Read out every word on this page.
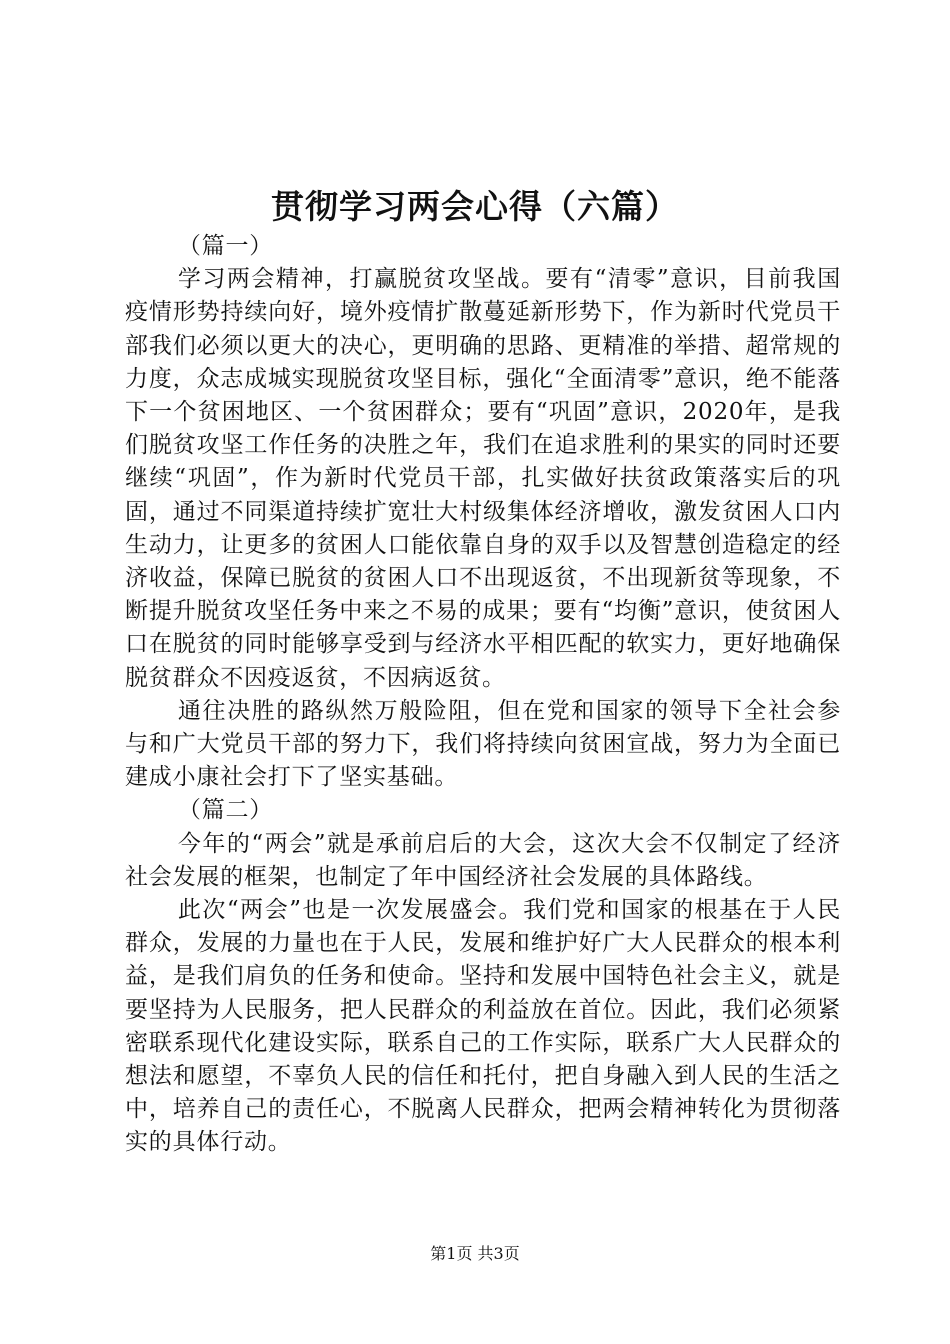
贯彻学习两会心得（六篇）

（篇一）

学习两会精神，打赢脱贫攻坚战。要有“清零”意识，目前我国疫情形势持续向好，境外疫情扩散蔓延新形势下，作为新时代党员干部我们必须以更大的决心，更明确的思路、更精准的举措、超常规的力度，众志成城实现脱贫攻坚目标，强化“全面清零”意识，绝不能落下一个贫困地区、一个贫困群众；要有“巩固”意识，2020年，是我们脱贫攻坚工作任务的决胜之年，我们在追求胜利的果实的同时还要继续“巩固”，作为新时代党员干部，扎实做好扶贫政策落实后的巩固，通过不同渠道持续扩宽壮大村级集体经济增收，激发贫困人口内生动力，让更多的贫困人口能依靠自身的双手以及智慧创造稳定的经济收益，保障已脱贫的贫困人口不出现返贫，不出现新贫等现象，不断提升脱贫攻坚任务中来之不易的成果；要有“均衡”意识，使贫困人口在脱贫的同时能够享受到与经济水平相匹配的软实力，更好地确保脱贫群众不因疫返贫，不因病返贫。

通往决胜的路纵然万般险阻，但在党和国家的领导下全社会参与和广大党员干部的努力下，我们将持续向贫困宣战，努力为全面已建成小康社会打下了坚实基础。

（篇二）

今年的“两会”就是承前启后的大会，这次大会不仅制定了经济社会发展的框架，也制定了年中国经济社会发展的具体路线。

此次“两会”也是一次发展盛会。我们党和国家的根基在于人民群众，发展的力量也在于人民，发展和维护好广大人民群众的根本利益，是我们肩负的任务和使命。坚持和发展中国特色社会主义，就是要坚持为人民服务，把人民群众的利益放在首位。因此，我们必须紧密联系现代化建设实际，联系自己的工作实际，联系广大人民群众的想法和愿望，不辜负人民的信任和托付，把自身融入到人民的生活之中，培养自己的责任心，不脱离人民群众，把两会精神转化为贯彻落实的具体行动。

第1页 共3页
